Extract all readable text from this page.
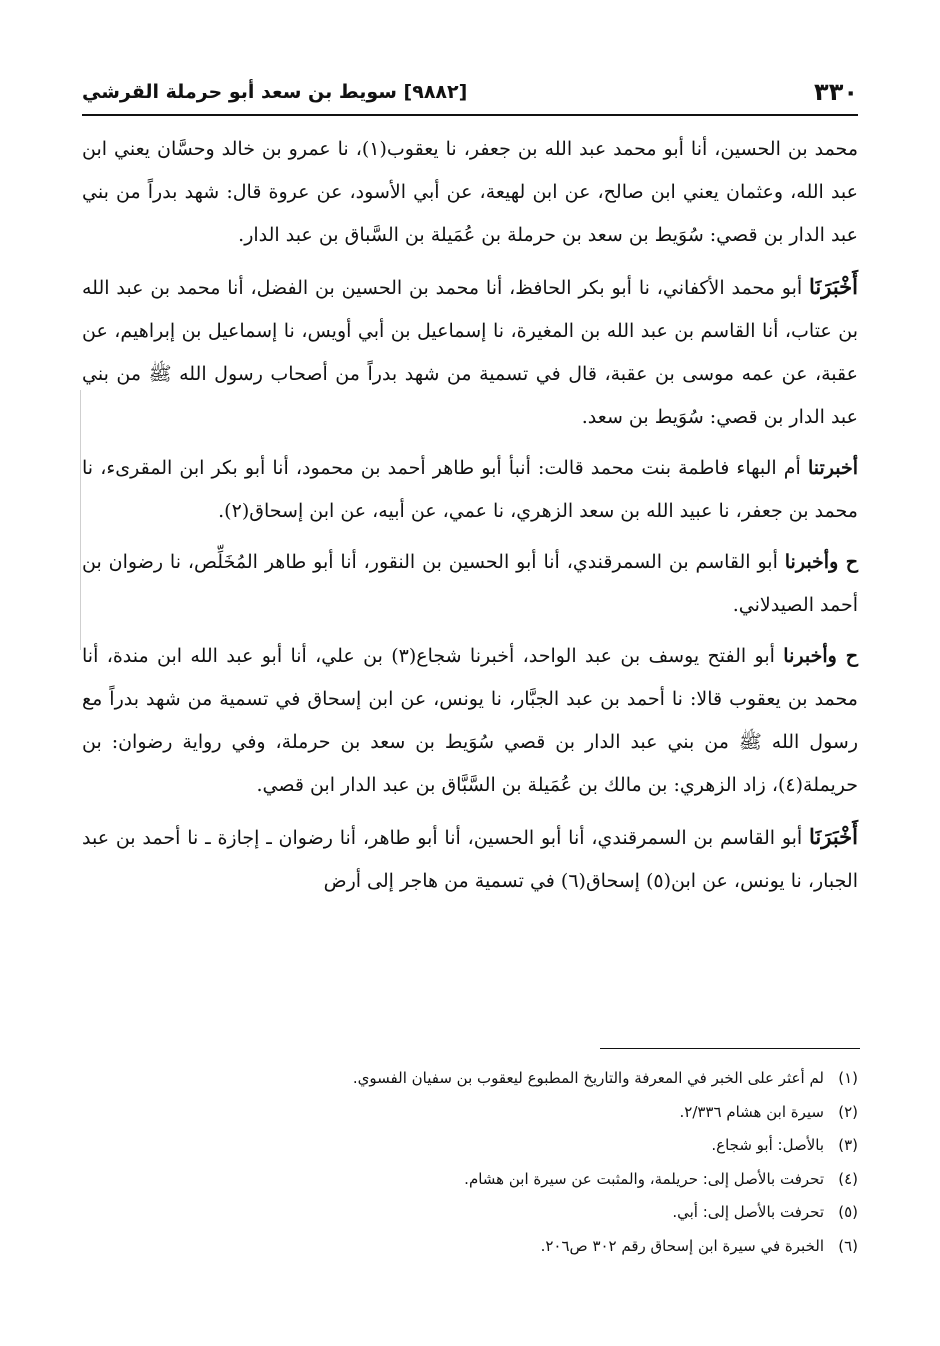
٣٣٠
[٩٨٨٢] سويط بن سعد أبو حرملة القرشي

محمد بن الحسين، أنا أبو محمد عبد الله بن جعفر، نا يعقوب(١)، نا عمرو بن خالد وحسَّان يعني ابن عبد الله، وعثمان يعني ابن صالح، عن ابن لهيعة، عن أبي الأسود، عن عروة قال: شهد بدراً من بني عبد الدار بن قصي: سُوَيط بن سعد بن حرملة بن عُمَيلة بن السَّباق بن عبد الدار.

أَخْبَرَنَا أبو محمد الأكفاني، نا أبو بكر الحافظ، أنا محمد بن الحسين بن الفضل، أنا محمد بن عبد الله بن عتاب، أنا القاسم بن عبد الله بن المغيرة، نا إسماعيل بن أبي أويس، نا إسماعيل بن إبراهيم، عن عقبة، عن عمه موسى بن عقبة، قال في تسمية من شهد بدراً من أصحاب رسول الله ﷺ من بني عبد الدار بن قصي: سُوَيط بن سعد.

أخبرتنا أم البهاء فاطمة بنت محمد قالت: أنبأ أبو طاهر أحمد بن محمود، أنا أبو بكر ابن المقرىء، نا محمد بن جعفر، نا عبيد الله بن سعد الزهري، نا عمي، عن أبيه، عن ابن إسحاق(٢).

ح وأخبرنا أبو القاسم بن السمرقندي، أنا أبو الحسين بن النقور، أنا أبو طاهر المُخَلِّص، نا رضوان بن أحمد الصيدلاني.

ح وأخبرنا أبو الفتح يوسف بن عبد الواحد، أخبرنا شجاع(٣) بن علي، أنا أبو عبد الله ابن مندة، أنا محمد بن يعقوب قالا: نا أحمد بن عبد الجبَّار، نا يونس، عن ابن إسحاق في تسمية من شهد بدراً مع رسول الله ﷺ من بني عبد الدار بن قصي سُوَيط بن سعد بن حرملة، وفي رواية رضوان: بن حريملة(٤)، زاد الزهري: بن مالك بن عُمَيلة بن السَّبَّاق بن عبد الدار ابن قصي.

أَخْبَرَنَا أبو القاسم بن السمرقندي، أنا أبو الحسين، أنا أبو طاهر، أنا رضوان ـ إجازة ـ نا أحمد بن عبد الجبار، نا يونس، عن ابن(٥) إسحاق(٦) في تسمية من هاجر إلى أرض

(١)لم أعثر على الخبر في المعرفة والتاريخ المطبوع ليعقوب بن سفيان الفسوي.

(٢)سيرة ابن هشام ٢/٣٣٦.

(٣)بالأصل: أبو شجاع.

(٤)تحرفت بالأصل إلى: حريلمة، والمثبت عن سيرة ابن هشام.

(٥)تحرفت بالأصل إلى: أبي.

(٦)الخبرة في سيرة ابن إسحاق رقم ٣٠٢ ص٢٠٦.
